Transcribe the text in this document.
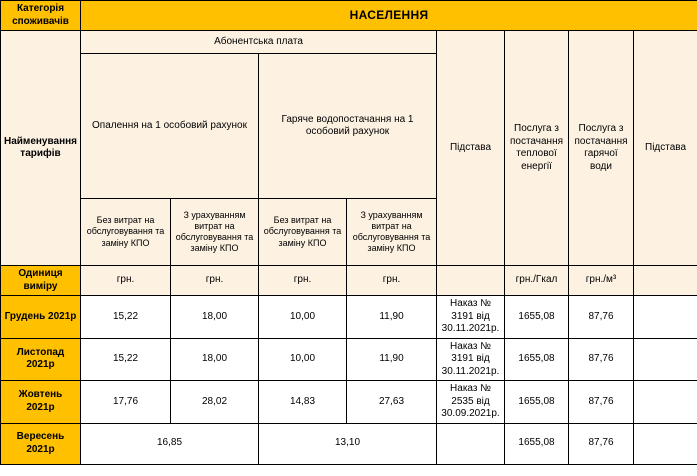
Категорія споживачів	НАСЕЛЕННЯ							
Найменування тарифів	Абонентська плата				Підстава	Послуга з постачання теплової енергії	Послуга з постачання гарячої води	Підстава
	Опалення на 1 особовий рахунок		Гаряче водопостачання на 1 особовий рахунок					
	Без витрат на обслуговування та заміну КПО	З урахуванням витрат на обслуговування та заміну КПО	Без витрат на обслуговування та заміну КПО	З урахуванням витрат на обслуговування та заміну КПО				
Одиниця виміру	грн.	грн.	грн.	грн.		грн./Гкал	грн./м³	
Грудень 2021р	15,22	18,00	10,00	11,90	Наказ № 3191 від 30.11.2021р.	1655,08	87,76	
Листопад 2021р	15,22	18,00	10,00	11,90	Наказ № 3191 від 30.11.2021р.	1655,08	87,76	
Жовтень 2021р	17,76	28,02	14,83	27,63	Наказ № 2535 від 30.09.2021р.	1655,08	87,76	
Вересень 2021р	16,85		13,10			1655,08	87,76	
